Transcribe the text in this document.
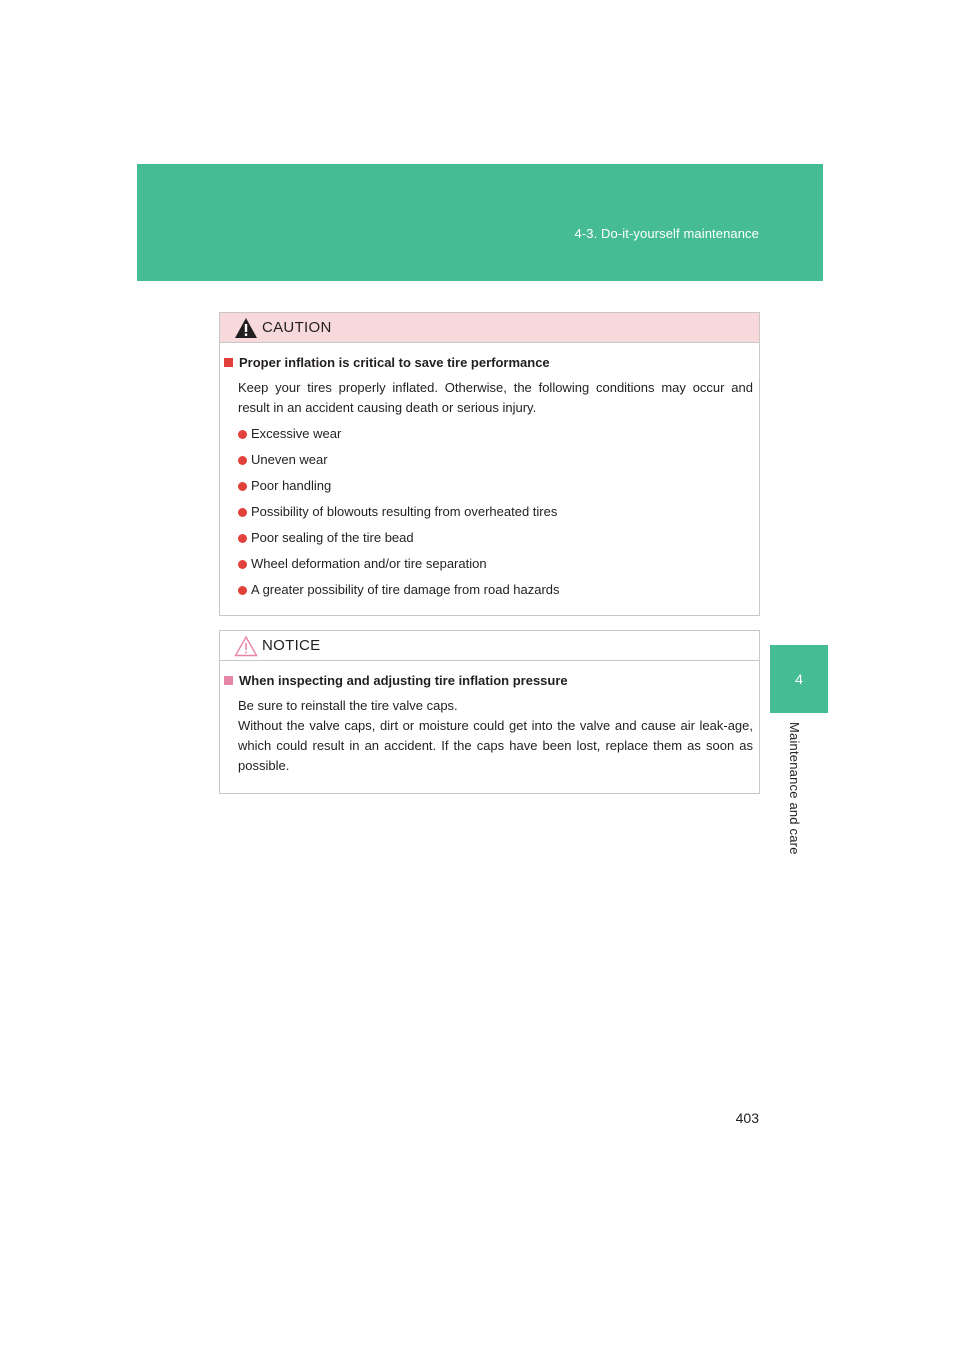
4-3. Do-it-yourself maintenance
4
Maintenance and care
CAUTION
Proper inflation is critical to save tire performance

Keep your tires properly inflated. Otherwise, the following conditions may occur and result in an accident causing death or serious injury.

Excessive wear
Uneven wear
Poor handling
Possibility of blowouts resulting from overheated tires
Poor sealing of the tire bead
Wheel deformation and/or tire separation
A greater possibility of tire damage from road hazards
NOTICE
When inspecting and adjusting tire inflation pressure

Be sure to reinstall the tire valve caps.

Without the valve caps, dirt or moisture could get into the valve and cause air leak-age, which could result in an accident. If the caps have been lost, replace them as soon as possible.

403
